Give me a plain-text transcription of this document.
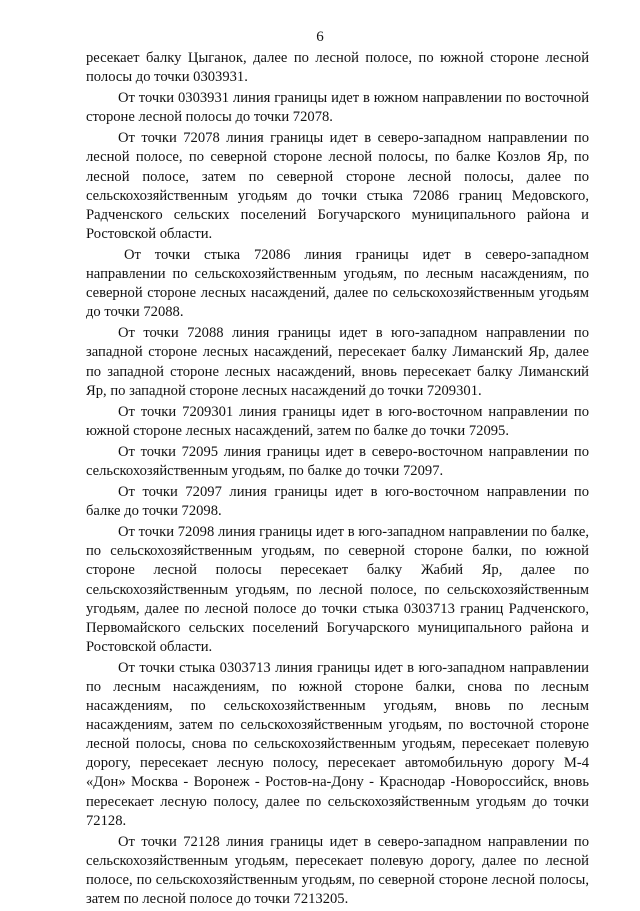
6

ресекает балку Цыганок, далее по лесной полосе, по южной стороне лесной полосы до точки 0303931.

От точки 0303931 линия границы идет в южном направлении по восточной стороне лесной полосы до точки 72078.

От точки 72078 линия границы идет в северо-западном направлении по лесной полосе, по северной стороне лесной полосы, по балке Козлов Яр, по лесной полосе, затем по северной стороне лесной полосы, далее по сельскохозяйственным угодьям до точки стыка 72086 границ Медовского, Радченского сельских поселений Богучарского муниципального района и Ростовской области.

От точки стыка 72086 линия границы идет в северо-западном направлении по сельскохозяйственным угодьям, по лесным насаждениям, по северной стороне лесных насаждений, далее по сельскохозяйственным угодьям до точки 72088.

От точки 72088 линия границы идет в юго-западном направлении по западной стороне лесных насаждений, пересекает балку Лиманский Яр, далее по западной стороне лесных насаждений, вновь пересекает балку Лиманский Яр, по западной стороне лесных насаждений до точки 7209301.

От точки 7209301 линия границы идет в юго-восточном направлении по южной стороне лесных насаждений, затем по балке до точки 72095.

От точки 72095 линия границы идет в северо-восточном направлении по сельскохозяйственным угодьям, по балке до точки 72097.

От точки 72097 линия границы идет в юго-восточном направлении по балке до точки 72098.

От точки 72098 линия границы идет в юго-западном направлении по балке, по сельскохозяйственным угодьям, по северной стороне балки, по южной стороне лесной полосы пересекает балку Жабий Яр, далее по сельскохозяйственным угодьям, по лесной полосе, по сельскохозяйственным угодьям, далее по лесной полосе до точки стыка 0303713 границ Радченского, Первомайского сельских поселений Богучарского муниципального района и Ростовской области.

От точки стыка 0303713 линия границы идет в юго-западном направлении по лесным насаждениям, по южной стороне балки, снова по лесным насаждениям, по сельскохозяйственным угодьям, вновь по лесным насаждениям, затем по сельскохозяйственным угодьям, по восточной стороне лесной полосы, снова по сельскохозяйственным угодьям, пересекает полевую дорогу, пересекает лесную полосу, пересекает автомобильную дорогу М-4 «Дон» Москва - Воронеж - Ростов-на-Дону - Краснодар -Новороссийск, вновь пересекает лесную полосу, далее по сельскохозяйственным угодьям до точки 72128.

От точки 72128 линия границы идет в северо-западном направлении по сельскохозяйственным угодьям, пересекает полевую дорогу, далее по лесной полосе, по сельскохозяйственным угодьям, по северной стороне лесной полосы, затем по лесной полосе до точки 7213205.
